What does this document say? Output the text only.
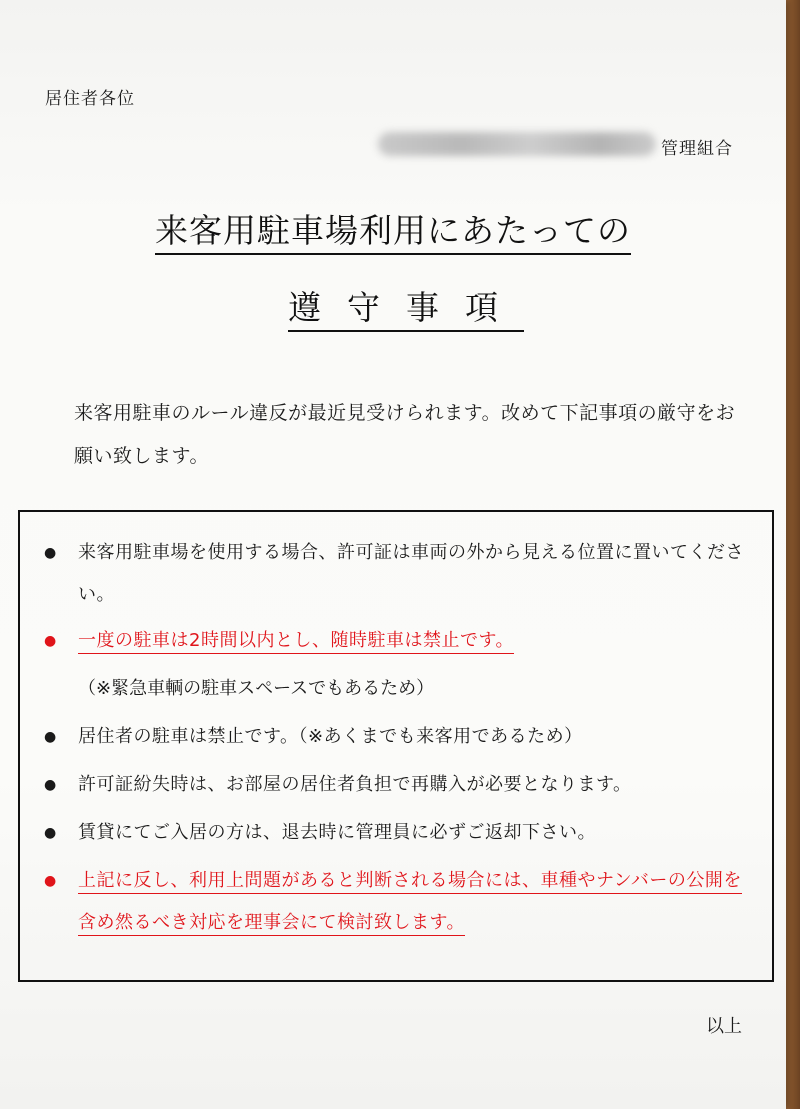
居住者各位
管理組合
来客用駐車場利用にあたっての
遵守事項
来客用駐車のルール違反が最近見受けられます。改めて下記事項の厳守をお願い致します。
● 来客用駐車場を使用する場合、許可証は車両の外から見える位置に置いてください。
● 一度の駐車は2時間以内とし、随時駐車は禁止です。
（※緊急車輌の駐車スペースでもあるため）
● 居住者の駐車は禁止です。（※あくまでも来客用であるため）
● 許可証紛失時は、お部屋の居住者負担で再購入が必要となります。
● 賃貸にてご入居の方は、退去時に管理員に必ずご返却下さい。
● 上記に反し、利用上問題があると判断される場合には、車種やナンバーの公開を含め然るべき対応を理事会にて検討致します。
以上
